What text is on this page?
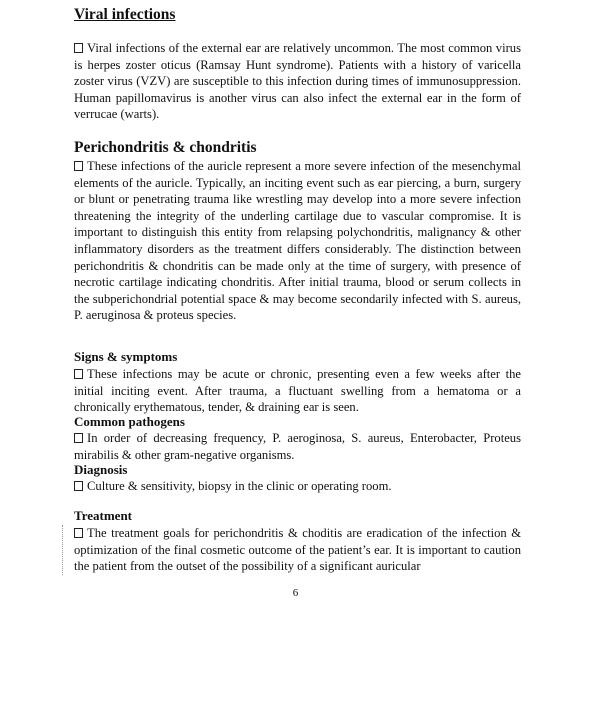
Viral infections

Viral infections of the external ear are relatively uncommon. The most common virus is herpes zoster oticus (Ramsay Hunt syndrome). Patients with a history of varicella zoster virus (VZV) are susceptible to this infection during times of immunosuppression. Human papillomavirus is another virus can also infect the external ear in the form of verrucae (warts).

Perichondritis & chondritis

These infections of the auricle represent a more severe infection of the mesenchymal elements of the auricle. Typically, an inciting event such as ear piercing, a burn, surgery or blunt or penetrating trauma like wrestling may develop into a more severe infection threatening the integrity of the underling cartilage due to vascular compromise. It is important to distinguish this entity from relapsing polychondritis, malignancy & other inflammatory disorders as the treatment differs considerably. The distinction between perichondritis & chondritis can be made only at the time of surgery, with presence of necrotic cartilage indicating chondritis. After initial trauma, blood or serum collects in the subperichondrial potential space & may become secondarily infected with S. aureus, P. aeruginosa & proteus species.

Signs & symptoms

These infections may be acute or chronic, presenting even a few weeks after the initial inciting event. After trauma, a fluctuant swelling from a hematoma or a chronically erythematous, tender, & draining ear is seen.

Common pathogens

In order of decreasing frequency, P. aeroginosa, S. aureus, Enterobacter, Proteus mirabilis & other gram-negative organisms.

Diagnosis

Culture & sensitivity, biopsy in the clinic or operating room.

Treatment

The treatment goals for perichondritis & choditis are eradication of the infection & optimization of the final cosmetic outcome of the patient’s ear. It is important to caution the patient from the outset of the possibility of a significant auricular

6
